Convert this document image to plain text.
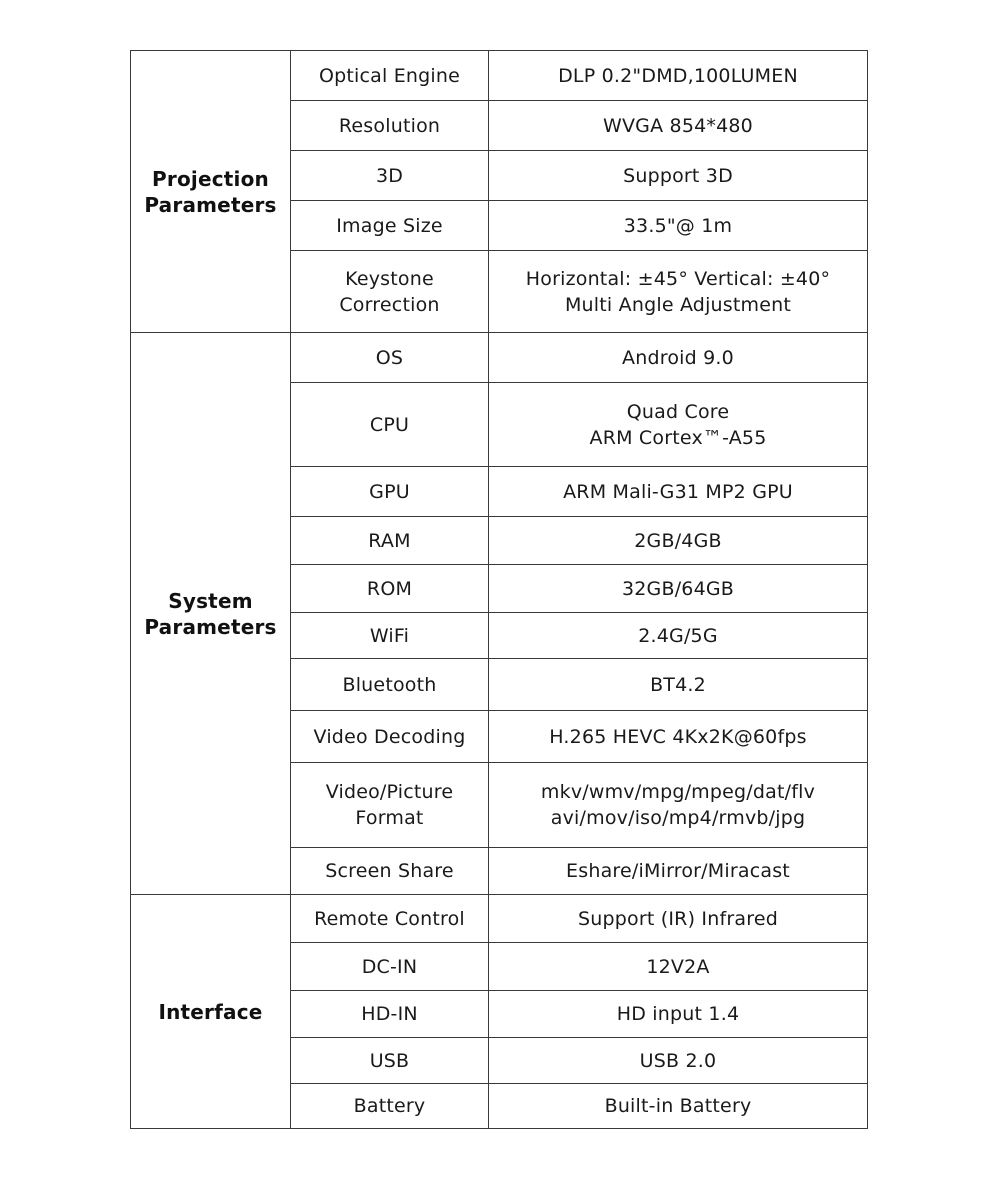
Projection
Parameters	Optical Engine	DLP 0.2"DMD,100LUMEN

	Resolution	WVGA 854*480

	3D	Support 3D

	Image Size	33.5"@ 1m

	Keystone
Correction	Horizontal: ±45° Vertical: ±40°
Multi Angle Adjustment

System
Parameters	OS	Android 9.0

	CPU	Quad Core
ARM Cortex™-A55

	GPU	ARM Mali-G31 MP2 GPU

	RAM	2GB/4GB

	ROM	32GB/64GB

	WiFi	2.4G/5G

	Bluetooth	BT4.2

	Video Decoding	H.265 HEVC 4Kx2K@60fps

	Video/Picture
Format	mkv/wmv/mpg/mpeg/dat/flv
avi/mov/iso/mp4/rmvb/jpg

	Screen Share	Eshare/iMirror/Miracast

Interface	Remote Control	Support (IR) Infrared

	DC-IN	12V2A

	HD-IN	HD input 1.4

	USB	USB 2.0

	Battery	Built-in Battery
